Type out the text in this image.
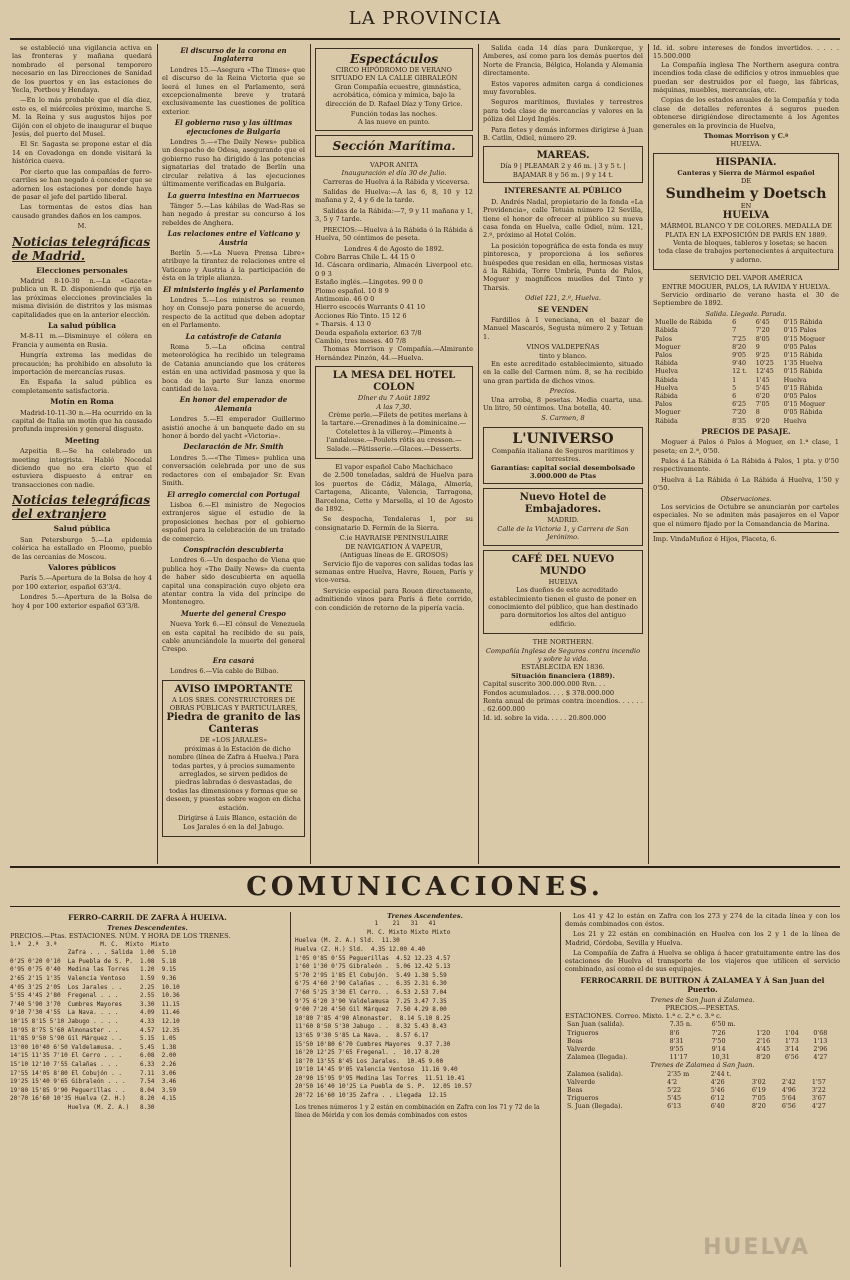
LA PROVINCIA

se estableció una vigilancia activa en las fronteras y mañana quedará nombrado el personal temporero necesario en las Direcciones de Sanidad de los puertos y en las estaciones de Yecla, Portbou y Hendaya.

—En lo más probable que el día diez, esto es, el miércoles próximo, marche S. M. la Reina y sus augustos hijos por Gijón con el objeto de inaugurar el buque Jesús, del puerto del Musel.

El Sr. Sagasta se propone estar el día 14 en Covadonga en donde visitará la histórica cueva.

Por cierto que las compañías de ferro-carriles se han negado á conceder que se adornen los estaciones por donde haya de pasar el jefe del partido liberal.

Las tormentas de estos días han causado grandes daños en los campos.

M.
Noticias telegráficas de Madrid.
Elecciones personales

Madrid 8-10-30 n.—La «Gaceta» publica un R. D. disponiendo que rija en las próximas elecciones provinciales la misma división de distritos y las mismas capitalidades que en la anterior elección.

La salud pública

M-8-11 m.—Disminuye el cólera en Francia y aumenta en Rusia.

Hungría extrema las medidas de precaución; ha prohibido en absoluto la importación de mercancías rusas.

En España la salud pública es completamente satisfactoria.

Motín en Roma

Madrid-10-11-30 n.—Ha ocurrido en la capital de Italia un motín que ha causado profunda impresión y general disgusto.

Meeting

Azpeitia 8.—Se ha celebrado un meeting integrista. Habló Nocedal diciendo que no era cierto que el estuviera dispuesto á entrar en transacciones con nadie.

Noticias telegráficas del extranjero
Salud pública

San Petersburgo 5.—La epidemia colérica ha estallado en Ploomo, pueblo de las cercanías de Moscou.

Valores públicos

París 5.—Apertura de la Bolsa de hoy 4 por 100 exterior, español 63'3/4.

Londres 5.—Apertura de la Bolsa de hoy 4 por 100 exterior español 63'3/8.

El discurso de la corona en Inglaterra

Londres 15.—Asegura «The Times» que el discurso de la Reina Victoria que se leerá el lunes en el Parlamento, será excepcionalmente breve y tratará exclusivamente las cuestiones de política exterior.

El gobierno ruso y las últimas ejecuciones de Bulgaria

Londres 5.—«The Daily News» publica un despacho de Odesa, asegurando que el gobierno ruso ha dirigido á las potencias signatarias del tratado de Berlín una circular relativa á las ejecuciones últimamente verificadas en Bulgaria.

La guerra intestina en Marruecos

Tánger 5.—Las kábilas de Wad-Ras se han negado á prestar su concurso á los rebeldes de Anghera.

Las relaciones entre el Vaticano y Austria

Berlín 5.—«La Nueva Prensa Libre» atribuye la tirantez de relaciones entre el Vaticano y Austria á la participación de ésta en la triple alianza.

El ministerio inglés y el Parlamento

Londres 5.—Los ministros se reunen hoy en Consejo para ponerse de acuerdo, respecto de la actitud que deben adoptar en el Parlamento.

La catástrofe de Catania

Roma 5.—La oficina central meteorológica ha recibido un telegrama de Catania anunciando que los cráteres están en una actividad pasmosa y que la boca de la parte Sur lanza enorme cantidad de lava.

En honor del emperador de Alemania

Londres 5.—El emperador Guillermo asistió anoche á un banquete dado en su honor á bordo del yacht «Victoria».

Declaración de Mr. Smith

Londres 5.—«The Times» publica una conversación celebrada por uno de sus redactores con el embajador Sr. Evan Smith.

El arreglo comercial con Portugal

Lisboa 6.—El ministro de Negocios extranjeros sigue el estudio de la proposiciones hechas por el gobierno español para la celebración de un tratado de comercio.

Conspiración descubierta

Londres 6.—Un despacho de Viena que publica hoy «The Daily News» da cuenta de haber sido descubierta en aquella capital una conspiración cuyo objeto era atentar contra la vida del príncipe de Montenegro.

Muerte del general Crespo

Nueva York 6.—El cónsul de Venezuela en esta capital ha recibido de su país, cable anunciándole la muerte del general Crespo.

Era casará

Londres 6.—Vía cable de Bilbao.

AVISO IMPORTANTE
A LOS SRES. CONSTRUCTORES DE OBRAS PÚBLICAS Y PARTICULARES,
Piedra de granito de las Canteras
DE «LOS JARALES»

próximas á la Estación de dicho nombre (línea de Zafra á Huelva.) Para todas partes, y á precios sumamente arreglados, se sirven pedidos de piedras labradas ó desvastadas, de todas las dimensiones y formas que se deseen, y puestas sobre wagon en dicha estación.

Dirigirse á Luis Blanco, estación de Los Jarales ó en la del Jabugo.

Espectáculos
CIRCO HIPÓDROMO DE VERANO
SITUADO EN LA CALLE GIBRALEÓN

Gran Compañía ecuestre, gimnástica, acrobática, cómica y mímica, bajo la dirección de D. Rafael Díaz y Tony Grice.

Función todas las noches.
A las nueve en punto.
Sección Marítima.
VAPOR ANITA
Inauguración el día 30 de Julio.

Carreras de Huelva á la Rábida y viceversa.

Salidas de Huelva:—A las 6, 8, 10 y 12 mañana y 2, 4 y 6 de la tarde.

Salidas de la Rábida:—7, 9 y 11 mañana y 1, 3, 5 y 7 tarde.

PRECIOS:—Huelva á la Rábida ó la Rábida á Huelva, 50 céntimos de peseta.

Londres 4 de Agosto de 1892.
Cobre Barras Chile L. 44 15 0
Id. Cáscara ordinaria, Almacén Liverpool etc. 0 9 3
Estaño inglés.—Lingotes. 99 0 0
Plomo español. 10 8 9
Antimonio. 46 0 0
Hierro escocés Warrants 0 41 10
Acciones Río Tinto. 15 12 6
» Tharsis. 4 13 0
Deuda española exterior. 63 7/8
Cambio, tres meses. 40 7/8

Thomas Morrison y Compañía.—Almirante Hernández Pinzón, 44.—Huelva.

LA MESA DEL HOTEL COLON
Dîner du 7 Août 1892
A las 7,30.

Crème perle.—Filets de petites merlans à la tartare.—Grenadines à la dominicaine.—Cotelettes à la villeroy.—Piments à l'andalouse.—Poulets rôtis au cresson.—Salade.—Pâtisserie.—Glaces.—Desserts.

El vapor español Cabo Machichaco

de 2.500 toneladas, saldrá de Huelva para los puertos de Cádiz, Málaga, Almería, Cartagena, Alicante, Valencia, Tarragona, Barcelona, Cette y Marsella, el 10 de Agosto de 1892.

Se despacha, Tendaleras 1, por su consignatario D. Fermín de la Sierra.

C.ie HAVRAISE PENINSULAIRE
DE NAVIGATION Á VAPEUR,
(Antiguas líneas de E. GROSOS)

Servicio fijo de vapores con salidas todas las semanas entre Huelva, Havre, Rouen, París y vice-versa.

Servicio especial para Rouen directamente, admitiendo vinos para París á flete corrido, con condición de retorno de la pipería vacía.

Salida cada 14 días para Dunkerque, y Amberes, así como para los demás puertos del Norte de Francia, Bélgica, Holanda y Alemania directamente.

Estos vapores admiten carga á condiciones muy favorables.

Seguros marítimos, fluviales y terrestres para toda clase de mercancías y valores en la póliza del Lloyd Inglés.

Para fletes y demás informes dirigirse á Juan B. Catlin, Odiel, número 29.

MAREAS.
Día 9 | PLEAMAR 2 y 46 m. | 3 y 5 t. | BAJAMAR 8 y 56 m. | 9 y 14 t.
INTERESANTE AL PÚBLICO

D. Andrés Nadal, propietario de la fonda «La Providencia», calle Tetuán número 12 Sevilla, tiene el honor de ofrecer al público su nueva casa fonda en Huelva, calle Odiel, núm. 121, 2.º, próximo al Hotel Colón.

La posición topográfica de esta fonda es muy pintoresca, y proporciona á los señores huéspedes que residan en ella, hermosas vistas á la Rábida, Torre Umbría, Punta de Palos, Moguer y magníficos muelles del Tinto y Tharsis.

Odiel 121, 2.º, Huelva.
SE VENDEN

Fardillos á 1 veneciana, en el bazar de Manuel Mascarós, Segusta número 2 y Tetuan 1.

VINOS VALDEPEÑAS
tinto y blanco.

En este acreditado establecimiento, situado en la calle del Carmen núm. 8, se ha recibido una gran partida de dichos vinos.

Precios.

Una arroba, 8 pesetas. Media cuarta, una. Un litro, 50 céntimos. Una botella, 40.

S. Carmen, 8
L'UNIVERSO
Compañía italiana de Seguros marítimos y terrestres.
Garantías: capital social desembolsado 3.000.000 de Ptas
Nuevo Hotel de Embajadores.
MADRID.
Calle de la Victoria 1, y Carrera de San Jerónimo.
CAFÉ DEL NUEVO MUNDO
HUELVA

Los dueños de este acreditado establecimiento tienen el gusto de poner en conocimiento del público, que han destinado para dormitorios los altos del antiguo edificio.

THE NORTHERN.
Compañía Inglesa de Seguros contra incendio y sobre la vida.
ESTABLECIDA EN 1836.
Situación financiera (1889).
Capital suscrito 300.000.000 Rvn. . .
Fondos acumulados. . . . $ 378.000.000
Renta anual de primas contra incendios. . . . . . . 62.600.000
Id. id. sobre la vida. . . . . 20.800.000
Id. id. sobre intereses de fondos invertidos. . . . . 15.500.000

La Compañía inglesa The Northern asegura contra incendios toda clase de edificios y otros inmuebles que puedan ser destruidos por el fuego, las fábricas, máquinas, muebles, mercancías, etc.

Copias de los estados anuales de la Compañía y toda clase de detalles referentes á seguros pueden obtenerse dirigiéndose directamente á los Agentes generales en la provincia de Huelva,

Thomas Morrison y C.ª
HUELVA.
HISPANIA.
Canteras y Sierra de Mármol español
DE
Sundheim y Doetsch
EN
HUELVA
MÁRMOL BLANCO Y DE COLORES. MEDALLA DE PLATA EN LA EXPOSICIÓN DE PARÍS EN 1889.

Venta de bloques, tableros y losetas; se hacen toda clase de trabajos pertenecientes á arquitectura y adorno.

SERVICIO DEL VAPOR AMÉRICA
ENTRE MOGUER, PALOS, LA RÁVIDA Y HUELVA.

Servicio ordinario de verano hasta el 30 de Septiembre de 1892.

Salida. Llegada. Parada.
Muelle de Rábida	6	6'45	0'15 Rábida
Rábida	7	7'20	0'15 Palos
Palos	7'25	8'05	0'15 Moguer
Moguer	8'20	9	0'05 Palos
Palos	9'05	9'25	0'15 Rábida
Rábida	9'40	10'25	1'35 Huelva
Huelva	12 t.	12'45	0'15 Rábida
Rábida	1	1'45	Huelva
Huelva	5	5'45	0'15 Rábida
Rábida	6	6'20	0'05 Palos
Palos	6'25	7'05	0'15 Moguer
Moguer	7'20	8	0'05 Rábida
Rábida	8'35	9'20	Huelva
PRECIOS DE PASAJE.

Moguer á Palos ó Palos á Moguer, en 1.ª clase, 1 peseta; en 2.ª, 0'50.

Palos á La Rábida ó La Rábida á Palos, 1 pta. y 0'50 respectivamente.

Huelva á La Rábida ó La Rábida á Huelva, 1'50 y 0'50.

Observaciones.

Los servicios de Octubre se anunciarán por carteles especiales. No se admiten más pasajeros en el Vapor que el número fijado por la Comandancia de Marina.

Imp. VindaMuñoz é Hijos, Placeta, 6.
COMUNICACIONES.
FERRO-CARRIL DE ZAFRA Á HUELVA.
Trenes Descendentes.
PRECIOS.—Ptas. ESTACIONES. NÚM. Y HORA DE LOS TRENES.
1.ª  2.ª  3.ª            M. C.  Mixto  Mixto
Zafra . . . Salida  1.00  5.10
0'25 0'20 0'10  La Puebla de S. P.  1.08  5.18
0'95 0'75 0'40  Medina las Torres   1.20  9.15
2'65 2'15 1'35  Valencia Ventoso    1.59  9.36
4'05 3'25 2'05  Los Jarales . .     2.25  10.10
5'55 4'45 2'80  Fregenal . . .      2.55  10.36
7'40 5'90 3'70  Cumbres Mayores     3.30  11.15
9'10 7'30 4'55  La Nava. . . .      4.09  11.46
10'15 8'15 5'10 Jabugo . . . .      4.33  12.10
10'95 8'75 5'60 Almonaster . .      4.57  12.35
11'85 9'50 5'90 Gil Márquez . .     5.15  1.05
13'00 10'40 6'50 Valdelamusa. .     5.45  1.38
14'15 11'35 7'10 El Cerro . . .     6.08  2.00
15'10 12'10 7'55 Calañas . . .      6.33  2.26
17'55 14'05 8'80 El Cobujón . .     7.11  3.06
19'25 15'40 9'65 Gibraleón . . .    7.54  3.46
19'80 15'85 9'90 Peguerillas . .    8.04  3.59
20'70 16'60 10'35 Huelva (Z. H.)    8.20  4.15
Huelva (M. Z. A.)   8.30
Trenes Ascendentes.
1    21   31   41
M. C. Mixto Mixto Mixto
Huelva (M. Z. A.) Sld.  11.30
Huelva (Z. H.) Sld.  4.35 12.00 4.40
1'05 0'85 0'55 Peguerillas  4.52 12.23 4.57
1'60 1'30 0'75 Gibraleón .  5.06 12.42 5.13
5'70 2'95 1'85 El Cobujón.  5.49 1.38 5.59
6'75 4'60 2'90 Calañas . .  6.35 2.31 6.30
7'60 5'25 3'30 El Cerro. .  6.53 2.53 7.04
9'75 6'20 3'90 Valdelamusa  7.25 3.47 7.35
9'00 7'20 4'50 Gil Márquez  7.50 4.29 8.00
10'80 7'85 4'90 Almonaster.  8.14 5.10 8.25
11'60 8'50 5'30 Jabugo . .  8.32 5.43 8.43
13'65 9'30 5'85 La Nava. .  8.57 6.17
15'50 10'80 6'70 Cumbres Mayores  9.37 7.30
16'20 12'25 7'65 Fregenal. .  10.17 8.20
18'70 13'55 8'45 Los Jarales.  10.45 9.00
19'10 14'45 9'05 Valencia Ventoso  11.16 9.40
20'90 15'95 9'95 Medina las Torres  11.51 10.41
20'50 16'40 10'25 La Puebla de S. P.  12.05 10.57
20'72 16'60 10'35 Zafra . . Llegada  12.15

Los trenes números 1 y 2 están en combinación en Zafra con los 71 y 72 de la línea de Mérida y con los demás combinados con estos

Los 41 y 42 lo están en Zafra con los 273 y 274 de la citada línea y con los demás combinados con éstos.

Los 21 y 22 están en combinación en Huelva con los 2 y 1 de la línea de Madrid, Córdoba, Sevilla y Huelva.

La Compañía de Zafra á Huelva se obliga á hacer gratuitamente entre las dos estaciones de Huelva el transporte de los viajeros que utilicen el servicio combinado, así como el de sus equipajes.

FERROCARRIL DE BUITRON Á ZALAMEA Y Á San Juan del Puerto.
Trenes de San Juan á Zalamea.
PRECIOS.—PESETAS.
ESTACIONES. Correo. Mixto. 1.ª c. 2.ª c. 3.ª c.
San Juan (salida).	7.35 n.	6'50 m.			
Trigueros	8'6	7'26	1'20	1'04	0'68
Beas	8'31	7'50	2'16	1'73	1'13
Valverde	9'55	9'14	4'45	3'14	2'96
Zalamea (llegada).	11'17	10,31	8'20	6'56	4'27
Trenes de Zalamea á San Juan.
Zalamea (salida).	2'35 m	2'44 t.			
Valverde	4'2	4'26	3'02	2'42	1'57
Beas	5'22	5'46	6'19	4'96	3'22
Trigueros	5'45	6'12	7'05	5'64	3'67
S. Juan (llegada).	6'13	6'40	8'20	6'56	4'27
HUELVA
